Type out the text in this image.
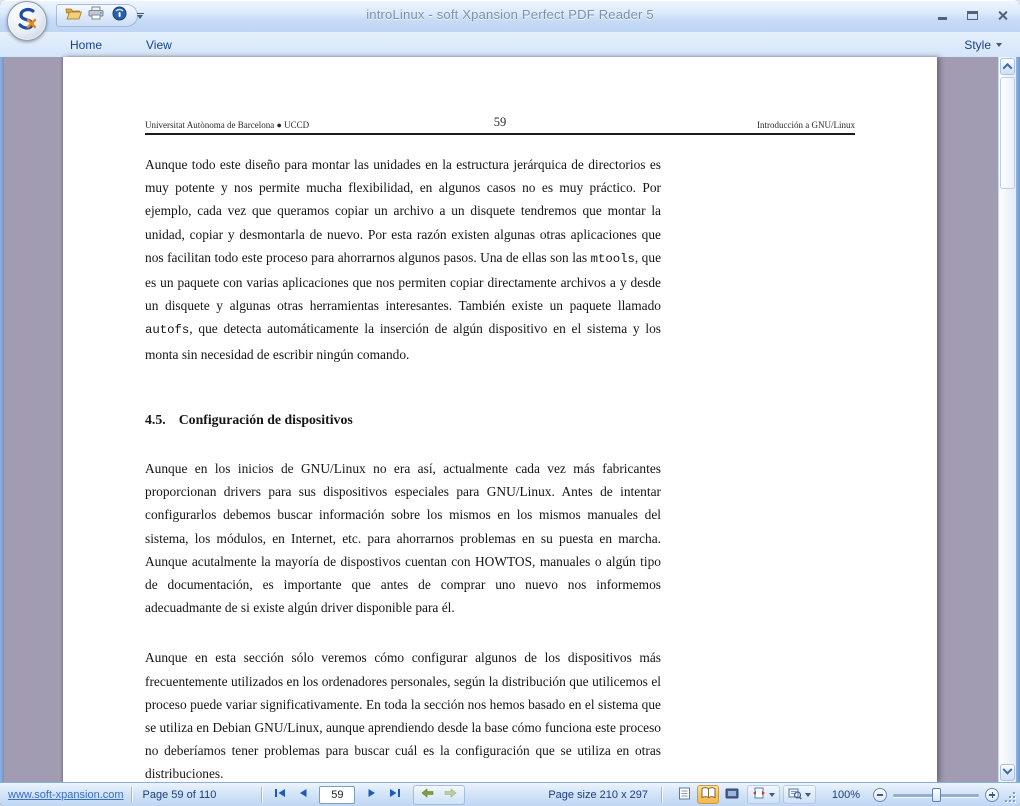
introLinux - soft Xpansion Perfect PDF Reader 5
Home	View	Style
Universitat Autònoma de Barcelona ● UCCD	59	Introducción a GNU/Linux

Aunque todo este diseño para montar las unidades en la estructura jerárquica de directorios es muy potente y nos permite mucha flexibilidad, en algunos casos no es muy práctico. Por ejemplo, cada vez que queramos copiar un archivo a un disquete tendremos que montar la unidad, copiar y desmontarla de nuevo. Por esta razón existen algunas otras aplicaciones que nos facilitan todo este proceso para ahorrarnos algunos pasos. Una de ellas son las mtools, que es un paquete con varias aplicaciones que nos permiten copiar directamente archivos a y desde un disquete y algunas otras herramientas interesantes. También existe un paquete llamado autofs, que detecta automáticamente la inserción de algún dispositivo en el sistema y los monta sin necesidad de escribir ningún comando.

4.5. Configuración de dispositivos

Aunque en los inicios de GNU/Linux no era así, actualmente cada vez más fabricantes proporcionan drivers para sus dispositivos especiales para GNU/Linux. Antes de intentar configurarlos debemos buscar información sobre los mismos en los mismos manuales del sistema, los módulos, en Internet, etc. para ahorrarnos problemas en su puesta en marcha. Aunque acutalmente la mayoría de dispostivos cuentan con HOWTOS, manuales o algún tipo de documentación, es importante que antes de comprar uno nuevo nos informemos adecuadmante de si existe algún driver disponible para él.

Aunque en esta sección sólo veremos cómo configurar algunos de los dispositivos más frecuentemente utilizados en los ordenadores personales, según la distribución que utilicemos el proceso puede variar significativamente. En toda la sección nos hemos basado en el sistema que se utiliza en Debian GNU/Linux, aunque aprendiendo desde la base cómo funciona este proceso no deberíamos tener problemas para buscar cuál es la configuración que se utiliza en otras distribuciones.

www.soft-xpansion.com	Page 59 of 110
59	Page size 210 x 297	100%
